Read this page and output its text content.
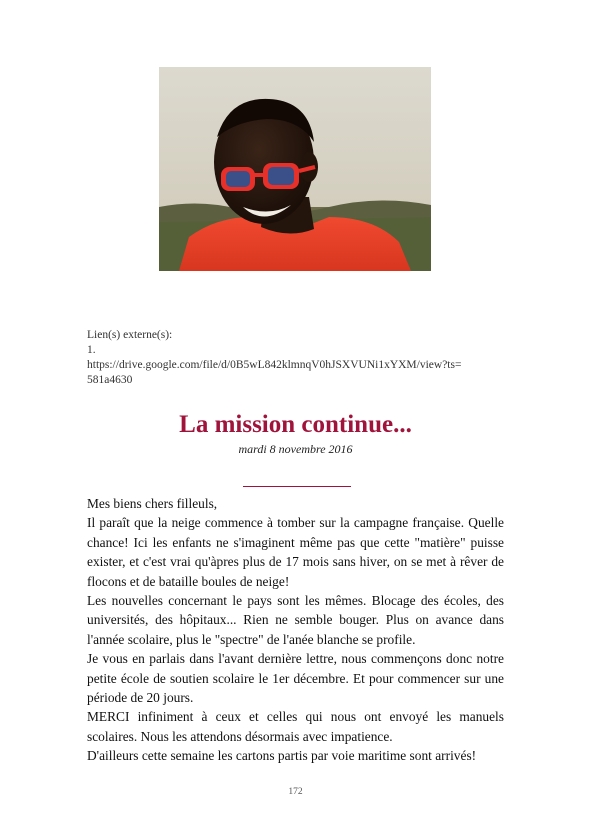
Lien(s) externe(s):
1.
https://drive.google.com/file/d/0B5wL842klmnqV0hJSXVUNi1xYXM/view?ts=
581a4630
La mission continue...
mardi 8 novembre 2016

Mes biens chers filleuls,

Il paraît que la neige commence à tomber sur la campagne française. Quelle chance! Ici les enfants ne s'imaginent même pas que cette "matière" puisse exister, et c'est vrai qu'àpres plus de 17 mois sans hiver, on se met à rêver de flocons et de bataille boules de neige!

Les nouvelles concernant le pays sont les mêmes. Blocage des écoles, des universités, des hôpitaux... Rien ne semble bouger. Plus on avance dans l'année scolaire, plus le "spectre" de l'anée blanche se profile.

Je vous en parlais dans l'avant dernière lettre, nous commençons donc notre petite école de soutien scolaire le 1er décembre. Et pour commencer sur une période de 20 jours.

MERCI infiniment à ceux et celles qui nous ont envoyé les manuels scolaires. Nous les attendons désormais avec impatience.

D'ailleurs cette semaine les cartons partis par voie maritime sont arrivés!

172
